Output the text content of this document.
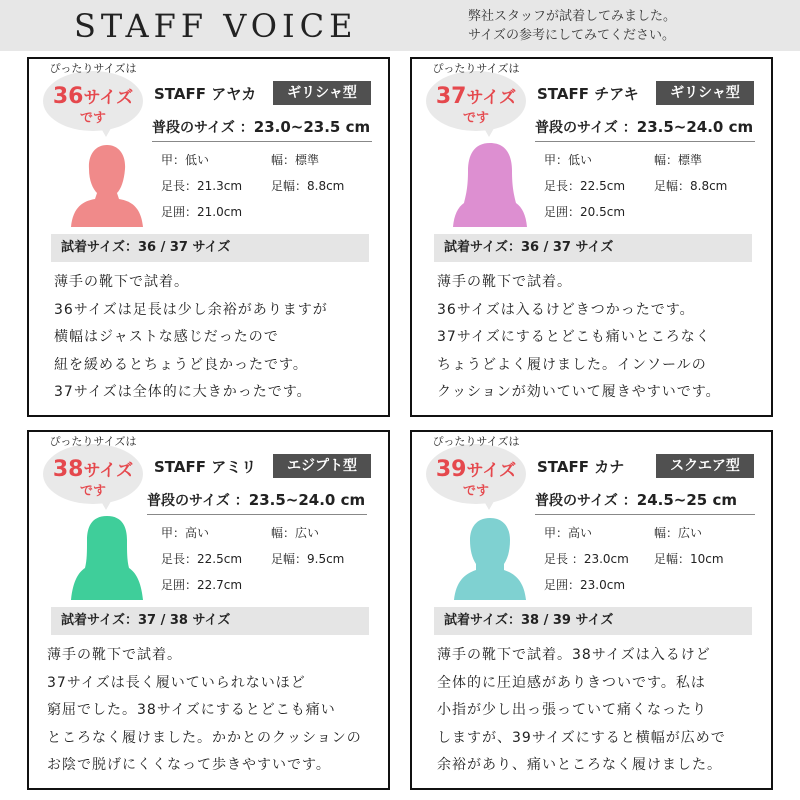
STAFF VOICE	弊社スタッフが試着してみました。
サイズの参考にしてみてください。
ぴったりサイズは
36サイズ
です
STAFF アヤカ	ギリシャ型
普段のサイズ ：23.0~23.5 cm
甲：低い	幅：標準
足長：21.3cm 足幅：8.8cm
足囲：21.0cm
試着サイズ：36 / 37 サイズ
薄手の靴下で試着。
36サイズは足長は少し余裕がありますが
横幅はジャストな感じだったので
紐を緩めるとちょうど良かったです。
37サイズは全体的に大きかったです。
ぴったりサイズは
37サイズ
です
STAFF チアキ	ギリシャ型
普段のサイズ ：23.5~24.0 cm
甲：低い	幅：標準
足長：22.5cm 足幅：8.8cm
足囲：20.5cm
試着サイズ：36 / 37 サイズ
薄手の靴下で試着。
36サイズは入るけどきつかったです。
37サイズにするとどこも痛いところなく
ちょうどよく履けました。インソールの
クッションが効いていて履きやすいです。
ぴったりサイズは
38サイズ
です
STAFF アミリ	エジプト型
普段のサイズ ：23.5~24.0 cm
甲：高い	幅：広い
足長：22.5cm 足幅：9.5cm
足囲：22.7cm
試着サイズ：37 / 38 サイズ
薄手の靴下で試着。
37サイズは長く履いていられないほど
窮屈でした。38サイズにするとどこも痛い
ところなく履けました。かかとのクッションの
お陰で脱げにくくなって歩きやすいです。
ぴったりサイズは
39サイズ
です
STAFF カナ	スクエア型
普段のサイズ ：24.5~25 cm
甲：高い	幅：広い
足長 ：23.0cm 足幅：10cm
足囲：23.0cm
試着サイズ：38 / 39 サイズ
薄手の靴下で試着。38サイズは入るけど
全体的に圧迫感がありきついです。私は
小指が少し出っ張っていて痛くなったり
しますが、39サイズにすると横幅が広めで
余裕があり、痛いところなく履けました。
